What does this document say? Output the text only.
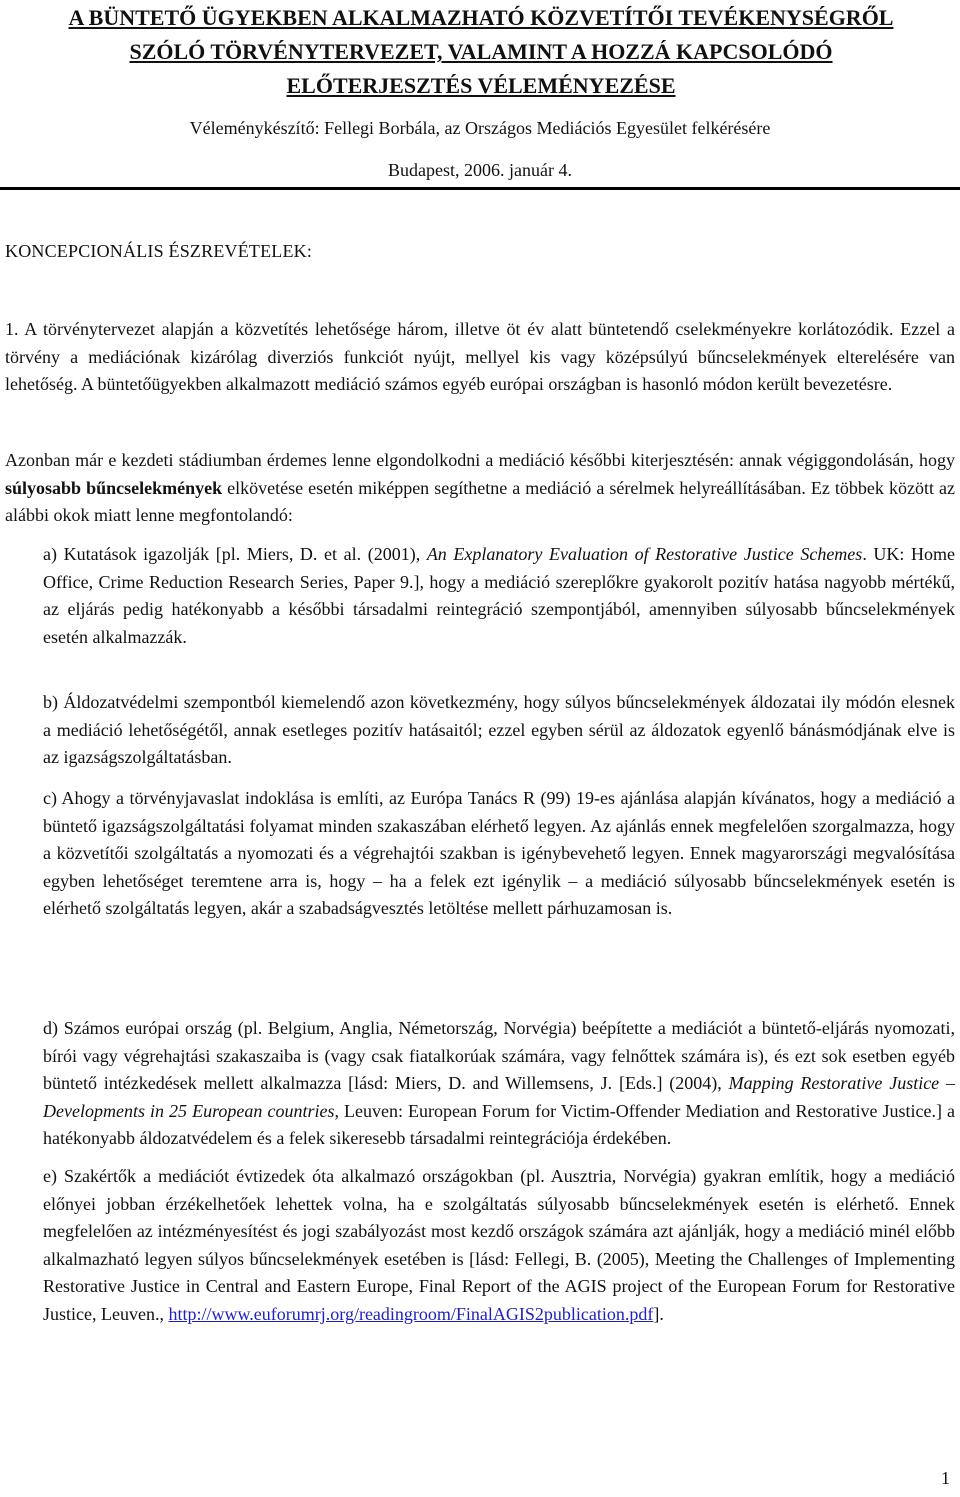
A BÜNTETŐ ÜGYEKBEN ALKALMAZHATÓ KÖZVETÍTŐI TEVÉKENYSÉGRŐL
SZÓLÓ TÖRVÉNYTERVEZET, VALAMINT A HOZZÁ KAPCSOLÓDÓ
ELŐTERJESZTÉS VÉLEMÉNYEZÉSE
Véleménykészítő: Fellegi Borbála, az Országos Mediációs Egyesület felkérésére
Budapest, 2006. január 4.
KONCEPCIONÁLIS ÉSZREVÉTELEK:

1. A törvénytervezet alapján a közvetítés lehetősége három, illetve öt év alatt büntetendő cselekményekre korlátozódik. Ezzel a törvény a mediációnak kizárólag diverziós funkciót nyújt, mellyel kis vagy középsúlyú bűncselekmények elterelésére van lehetőség. A büntetőügyekben alkalmazott mediáció számos egyéb európai országban is hasonló módon került bevezetésre.

Azonban már e kezdeti stádiumban érdemes lenne elgondolkodni a mediáció későbbi kiterjesztésén: annak végiggondolásán, hogy súlyosabb bűncselekmények elkövetése esetén miképpen segíthetne a mediáció a sérelmek helyreállításában. Ez többek között az alábbi okok miatt lenne megfontolandó:

a) Kutatások igazolják [pl. Miers, D. et al. (2001), An Explanatory Evaluation of Restorative Justice Schemes. UK: Home Office, Crime Reduction Research Series, Paper 9.], hogy a mediáció szereplőkre gyakorolt pozitív hatása nagyobb mértékű, az eljárás pedig hatékonyabb a későbbi társadalmi reintegráció szempontjából, amennyiben súlyosabb bűncselekmények esetén alkalmazzák.

b) Áldozatvédelmi szempontból kiemelendő azon következmény, hogy súlyos bűncselekmények áldozatai ily módón elesnek a mediáció lehetőségétől, annak esetleges pozitív hatásaitól; ezzel egyben sérül az áldozatok egyenlő bánásmódjának elve is az igazságszolgáltatásban.

c) Ahogy a törvényjavaslat indoklása is említi, az Európa Tanács R (99) 19-es ajánlása alapján kívánatos, hogy a mediáció a büntető igazságszolgáltatási folyamat minden szakaszában elérhető legyen. Az ajánlás ennek megfelelően szorgalmazza, hogy a közvetítői szolgáltatás a nyomozati és a végrehajtói szakban is igénybevehető legyen. Ennek magyarországi megvalósítása egyben lehetőséget teremtene arra is, hogy – ha a felek ezt igénylik – a mediáció súlyosabb bűncselekmények esetén is elérhető szolgáltatás legyen, akár a szabadságvesztés letöltése mellett párhuzamosan is.

d) Számos európai ország (pl. Belgium, Anglia, Németország, Norvégia) beépítette a mediációt a büntető-eljárás nyomozati, bírói vagy végrehajtási szakaszaiba is (vagy csak fiatalkorúak számára, vagy felnőttek számára is), és ezt sok esetben egyéb büntető intézkedések mellett alkalmazza [lásd: Miers, D. and Willemsens, J. [Eds.] (2004), Mapping Restorative Justice – Developments in 25 European countries, Leuven: European Forum for Victim-Offender Mediation and Restorative Justice.] a hatékonyabb áldozatvédelem és a felek sikeresebb társadalmi reintegrációja érdekében.

e) Szakértők a mediációt évtizedek óta alkalmazó országokban (pl. Ausztria, Norvégia) gyakran említik, hogy a mediáció előnyei jobban érzékelhetőek lehettek volna, ha e szolgáltatás súlyosabb bűncselekmények esetén is elérhető. Ennek megfelelően az intézményesítést és jogi szabályozást most kezdő országok számára azt ajánlják, hogy a mediáció minél előbb alkalmazható legyen súlyos bűncselekmények esetében is [lásd: Fellegi, B. (2005), Meeting the Challenges of Implementing Restorative Justice in Central and Eastern Europe, Final Report of the AGIS project of the European Forum for Restorative Justice, Leuven., http://www.euforumrj.org/readingroom/FinalAGIS2publication.pdf].

1
